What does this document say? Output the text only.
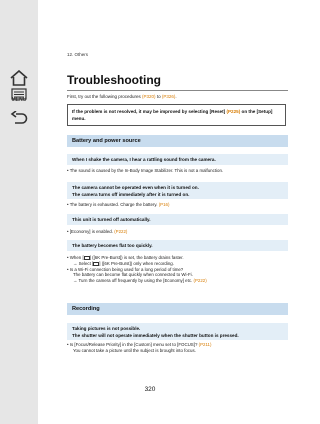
MENU
12. Others
Troubleshooting
First, try out the following procedures (P320) to (P326).
If the problem is not resolved, it may be improved by selecting [Reset] (P225) on the [Setup] menu.
Battery and power source
When I shake the camera, I hear a rattling sound from the camera.
• The sound is caused by the In-Body Image Stabilizer. This is not a malfunction.
The camera cannot be operated even when it is turned on.
The camera turns off immediately after it is turned on.
• The battery is exhausted. Charge the battery. (P16)
This unit is turned off automatically.
• [Economy] is enabled. (P222)
The battery becomes flat too quickly.
• When [ ] ([6K Pre-Burst]) is set, the battery drains faster.
→ Select [ ] ([6K Pre-Burst]) only when recording.
• Is a Wi-Fi connection being used for a long period of time?
The battery can become flat quickly when connected to Wi-Fi.
→ Turn the camera off frequently by using the [Economy] etc. (P222)
Recording
Taking pictures is not possible.
The shutter will not operate immediately when the shutter button is pressed.
• Is [Focus/Release Priority] in the [Custom] menu set to [FOCUS]? (P211)
You cannot take a picture until the subject is brought into focus.
320
